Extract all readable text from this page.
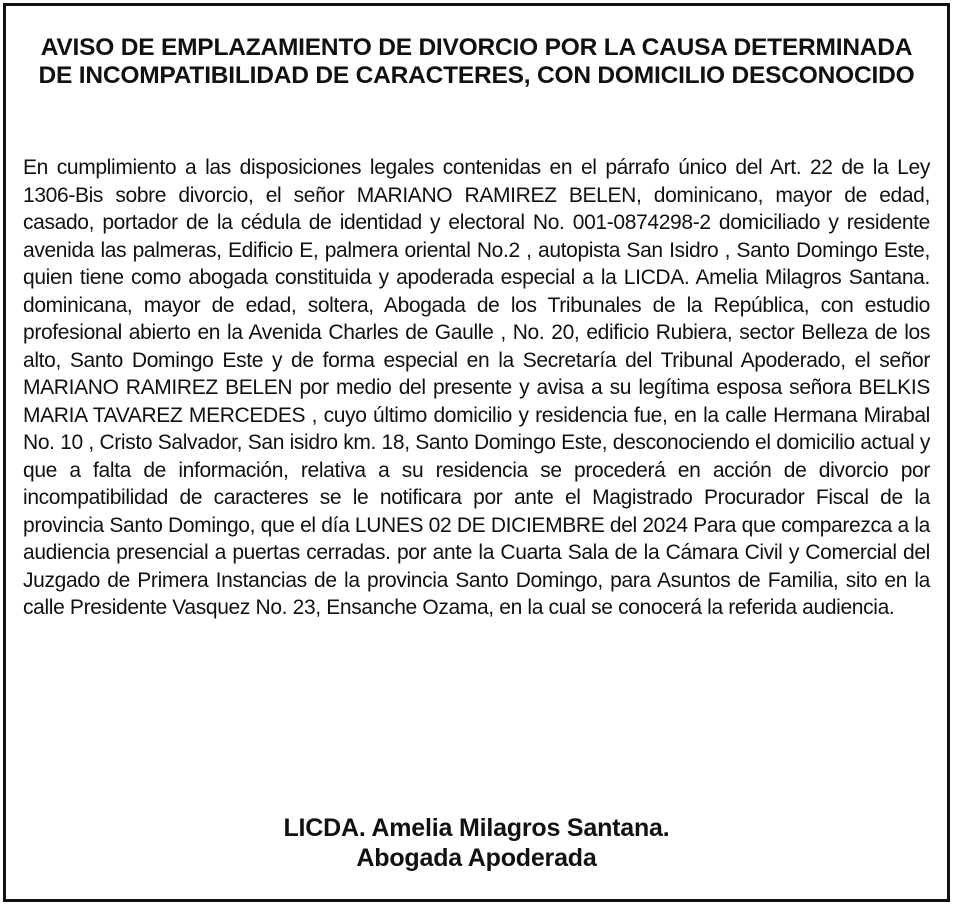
AVISO DE EMPLAZAMIENTO DE DIVORCIO POR LA CAUSA DETERMINADA DE INCOMPATIBILIDAD DE CARACTERES, CON DOMICILIO DESCONOCIDO

En cumplimiento a las disposiciones legales contenidas en el párrafo único del Art. 22 de la Ley 1306-Bis sobre divorcio, el señor MARIANO RAMIREZ BELEN, dominicano, mayor de edad, casado, portador de la cédula de identidad y electoral No. 001-0874298-2 domiciliado y residente avenida las palmeras, Edificio E, palmera oriental No.2 , autopista San Isidro , Santo Domingo Este, quien tiene como abogada constituida y apoderada especial a la LICDA. Amelia Milagros Santana. dominicana, mayor de edad, soltera, Abogada de los Tribunales de la República, con estudio profesional abierto en la Avenida Charles de Gaulle , No. 20, edificio Rubiera, sector Belleza de los alto, Santo Domingo Este y de forma especial en la Secretaría del Tribunal Apoderado, el señor MARIANO RAMIREZ BELEN por medio del presente y avisa a su legítima esposa señora BELKIS MARIA TAVAREZ MERCEDES , cuyo último domicilio y residencia fue, en la calle Hermana Mirabal No. 10 , Cristo Salvador, San isidro km. 18, Santo Domingo Este, desconociendo el domicilio actual y que a falta de información, relativa a su residencia se procederá en acción de divorcio por incompatibilidad de caracteres se le notificara por ante el Magistrado Procurador Fiscal de la provincia Santo Domingo, que el día LUNES 02 DE DICIEMBRE del 2024 Para que comparezca a la audiencia presencial a puertas cerradas. por ante la Cuarta Sala de la Cámara Civil y Comercial del Juzgado de Primera Instancias de la provincia Santo Domingo, para Asuntos de Familia, sito en la calle Presidente Vasquez No. 23, Ensanche Ozama, en la cual se conocerá la referida audiencia.

LICDA. Amelia Milagros Santana.
Abogada Apoderada
